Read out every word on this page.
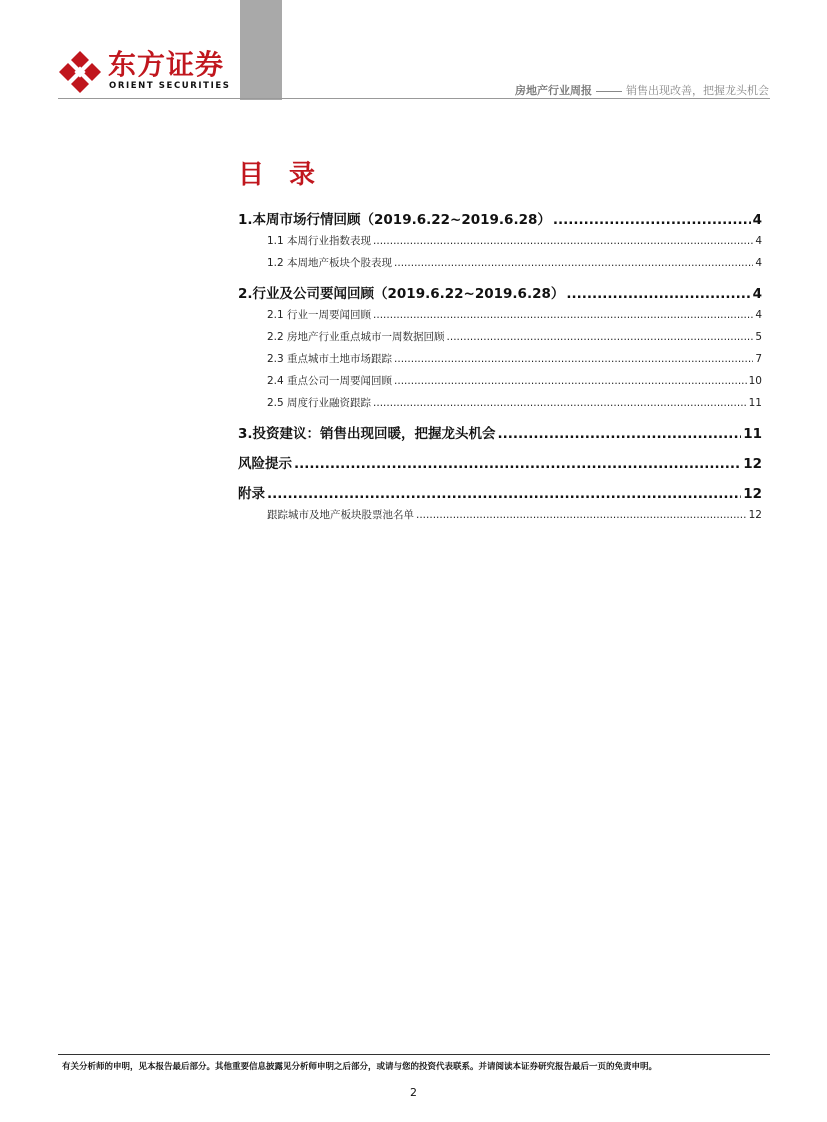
东方证券
ORIENT SECURITIES	房地产行业周报	销售出现改善，把握龙头机会
目 录
1.本周市场行情回顾（2019.6.22~2019.6.28） .....	4
1.1 本周行业指数表现 .....	4
1.2 本周地产板块个股表现 .....	4
2.行业及公司要闻回顾（2019.6.22~2019.6.28） .....	4
2.1 行业一周要闻回顾 .....	4
2.2 房地产行业重点城市一周数据回顾 .....	5
2.3 重点城市土地市场跟踪 .....	7
2.4 重点公司一周要闻回顾 .....	10
2.5 周度行业融资跟踪 .....	11
3.投资建议：销售出现回暖，把握龙头机会 .....	11
风险提示 .....	12
附录 .....	12
跟踪城市及地产板块股票池名单 .....	12
有关分析师的申明，见本报告最后部分。其他重要信息披露见分析师申明之后部分，或请与您的投资代表联系。并请阅读本证券研究报告最后一页的免责申明。
2
